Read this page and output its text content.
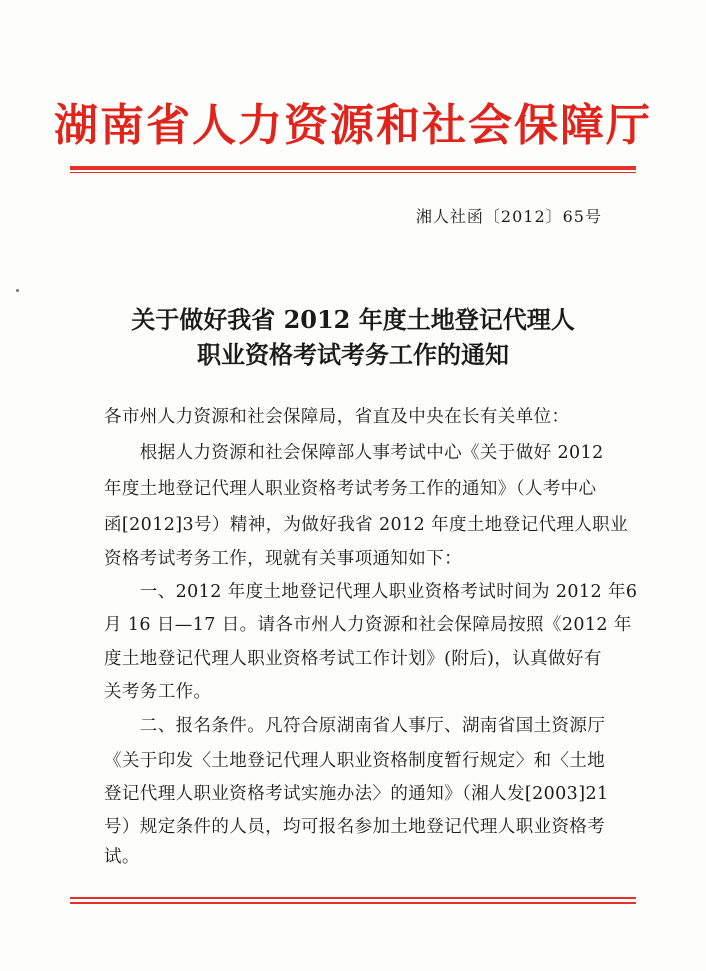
湖南省人力资源和社会保障厅
湘人社函〔2012〕65号
关于做好我省 2012 年度土地登记代理人
职业资格考试考务工作的通知
各市州人力资源和社会保障局，省直及中央在长有关单位：
　　根据人力资源和社会保障部人事考试中心《关于做好 2012
年度土地登记代理人职业资格考试考务工作的通知》（人考中心
函[2012]3号）精神，为做好我省 2012 年度土地登记代理人职业
资格考试考务工作，现就有关事项通知如下：
　　一、2012 年度土地登记代理人职业资格考试时间为 2012 年6
月 16 日—17 日。请各市州人力资源和社会保障局按照《2012 年
度土地登记代理人职业资格考试工作计划》(附后)，认真做好有
关考务工作。
　　二、报名条件。凡符合原湖南省人事厅、湖南省国土资源厅
《关于印发〈土地登记代理人职业资格制度暂行规定〉和〈土地
登记代理人职业资格考试实施办法〉的通知》（湘人发[2003]21
号）规定条件的人员，均可报名参加土地登记代理人职业资格考
试。
